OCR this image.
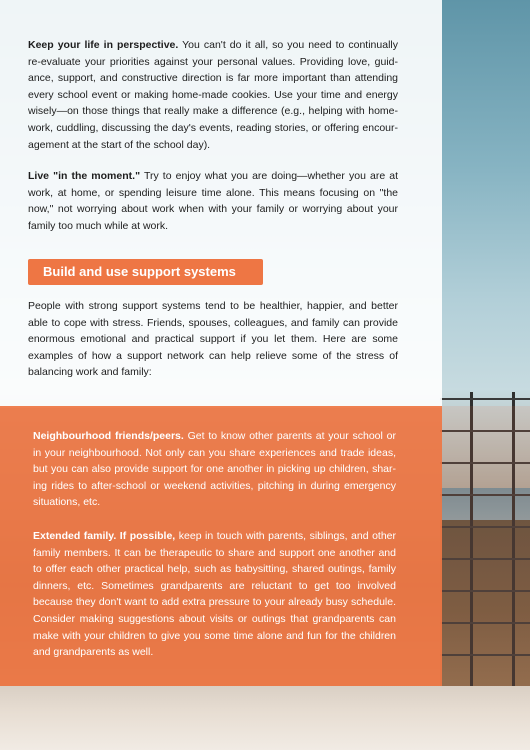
Keep your life in perspective. You can't do it all, so you need to continually re-evaluate your priorities against your personal values. Providing love, guid-ance, support, and constructive direction is far more important than attending every school event or making home-made cookies. Use your time and energy wisely—on those things that really make a difference (e.g., helping with home-work, cuddling, discussing the day's events, reading stories, or offering encour-agement at the start of the school day).
Live "in the moment." Try to enjoy what you are doing—whether you are at work, at home, or spending leisure time alone. This means focusing on "the now," not worrying about work when with your family or worrying about your family too much while at work.
Build and use support systems
People with strong support systems tend to be healthier, happier, and better able to cope with stress. Friends, spouses, colleagues, and family can provide enormous emotional and practical support if you let them. Here are some examples of how a support network can help relieve some of the stress of balancing work and family:
Neighbourhood friends/peers. Get to know other parents at your school or in your neighbourhood. Not only can you share experiences and trade ideas, but you can also provide support for one another in picking up children, shar-ing rides to after-school or weekend activities, pitching in during emergency situations, etc.
Extended family. If possible, keep in touch with parents, siblings, and other family members. It can be therapeutic to share and support one another and to offer each other practical help, such as babysitting, shared outings, family dinners, etc. Sometimes grandparents are reluctant to get too involved because they don't want to add extra pressure to your already busy schedule. Consider making suggestions about visits or outings that grandparents can make with your children to give you some time alone and fun for the children and grandparents as well.
